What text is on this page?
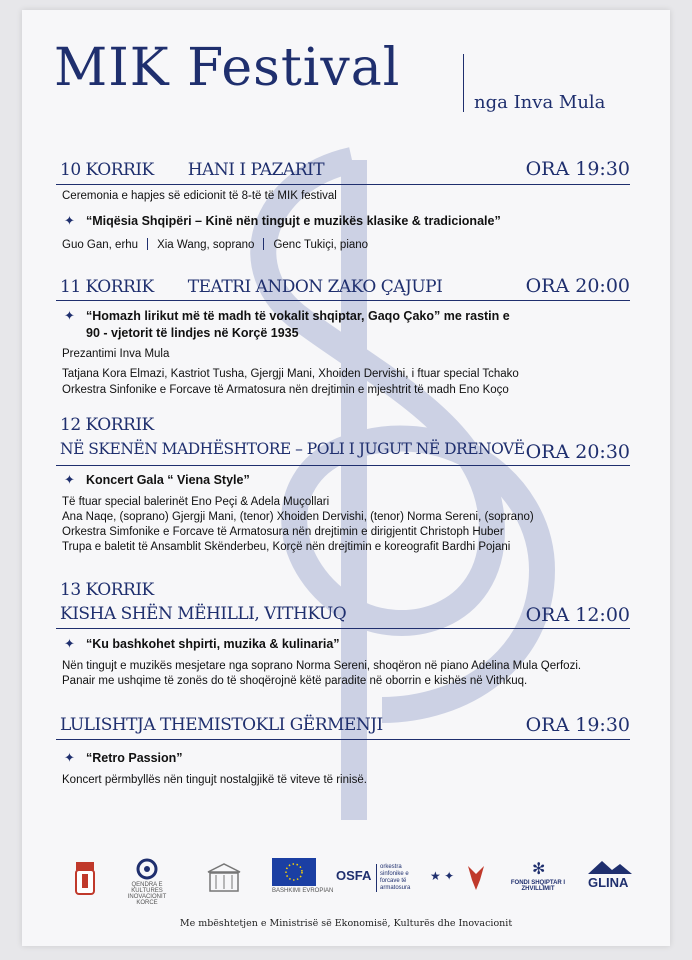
MIK Festival
nga Inva Mula
10 KORRIK HANI I PAZARIT	ORA 19:30
Ceremonia e hapjes së edicionit të 8-të të MIK festival
✦ “Miqësia Shqipëri – Kinë nën tingujt e muzikës klasike & tradicionale”
Guo Gan, erhu Xia Wang, soprano Genc Tukiçi, piano
11 KORRIK TEATRI ANDON ZAKO ÇAJUPI	ORA 20:00
✦ “Homazh lirikut më të madh të vokalit shqiptar, Gaqo Çako” me rastin e
90 - vjetorit të lindjes në Korçë 1935
Prezantimi Inva Mula
Tatjana Kora Elmazi, Kastriot Tusha, Gjergji Mani, Xhoiden Dervishi, i ftuar special Tchako
Orkestra Sinfonike e Forcave të Armatosura nën drejtimin e mjeshtrit të madh Eno Koço
12 KORRIK
NË SKENËN MADHËSHTORE – POLI I JUGUT NË DRENOVË ORA 20:30
✦ Koncert Gala “ Viena Style”
Të ftuar special balerinët Eno Peçi & Adela Muçollari
Ana Naqe, (soprano) Gjergji Mani, (tenor) Xhoiden Dervishi, (tenor) Norma Sereni, (soprano)
Orkestra Simfonike e Forcave të Armatosura nën drejtimin e dirigjentit Christoph Huber
Trupa e baletit të Ansamblit Skënderbeu, Korçë nën drejtimin e koreografit Bardhi Pojani
13 KORRIK
KISHA SHËN MËHILLI, VITHKUQ	ORA 12:00
✦ “Ku bashkohet shpirti, muzika & kulinaria”
Nën tingujt e muzikës mesjetare nga soprano Norma Sereni, shoqëron në piano Adelina Mula Qerfozi.
Panair me ushqime të zonës do të shoqërojnë këtë paradite në oborrin e kishës në Vithkuq.
LULISHTJA THEMISTOKLI GËRMENJI	ORA 19:30
✦ “Retro Passion”
Koncert përmbyllës nën tingujt nostalgjikë të viteve të rinisë.
QENDRA E KULTURES INOVACIONIT KORCE
BASHKIMI EVROPIAN
OSFA
orkestra sinfonike e forcave të armatosura
★ ✦	✻
FONDI SHQIPTAR I ZHVILLIMIT	GLINA
Me mbështetjen e Ministrisë së Ekonomisë, Kulturës dhe Inovacionit
